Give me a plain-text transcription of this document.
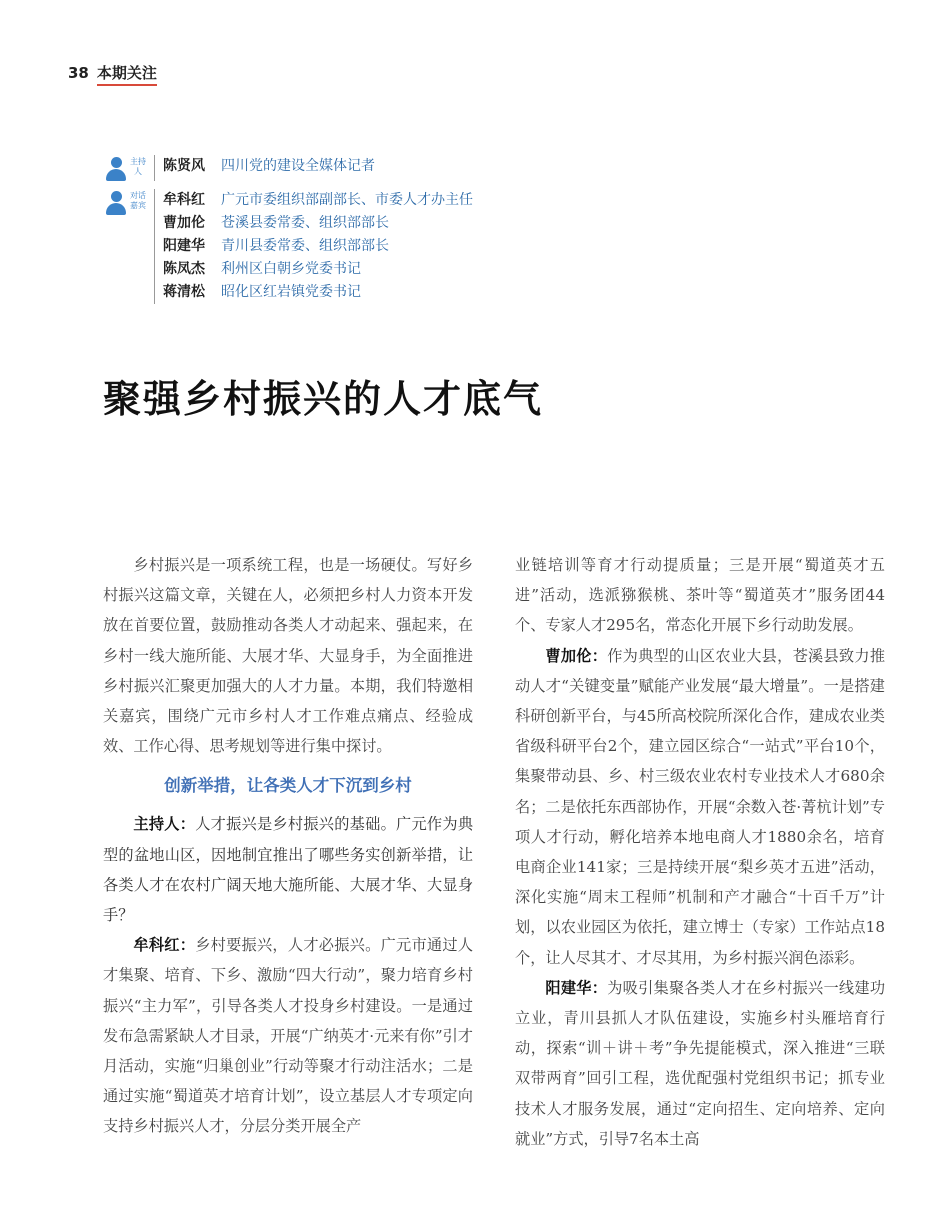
38 本期关注
主持人	陈贤风	四川党的建设全媒体记者
对话嘉宾 牟科红	广元市委组织部副部长、市委人才办主任
曹加伦	苍溪县委常委、组织部部长
阳建华	青川县委常委、组织部部长
陈凤杰	利州区白朝乡党委书记
蒋清松	昭化区红岩镇党委书记
聚强乡村振兴的人才底气

乡村振兴是一项系统工程，也是一场硬仗。写好乡村振兴这篇文章，关键在人，必须把乡村人力资本开发放在首要位置，鼓励推动各类人才动起来、强起来，在乡村一线大施所能、大展才华、大显身手，为全面推进乡村振兴汇聚更加强大的人才力量。本期，我们特邀相关嘉宾，围绕广元市乡村人才工作难点痛点、经验成效、工作心得、思考规划等进行集中探讨。

创新举措，让各类人才下沉到乡村

主持人：人才振兴是乡村振兴的基础。广元作为典型的盆地山区，因地制宜推出了哪些务实创新举措，让各类人才在农村广阔天地大施所能、大展才华、大显身手？

牟科红：乡村要振兴，人才必振兴。广元市通过人才集聚、培育、下乡、激励“四大行动”，聚力培育乡村振兴“主力军”，引导各类人才投身乡村建设。一是通过发布急需紧缺人才目录，开展“广纳英才·元来有你”引才月活动，实施“归巢创业”行动等聚才行动注活水；二是通过实施“蜀道英才培育计划”，设立基层人才专项定向支持乡村振兴人才，分层分类开展全产

业链培训等育才行动提质量；三是开展“蜀道英才五进”活动，选派猕猴桃、茶叶等“蜀道英才”服务团44个、专家人才295名，常态化开展下乡行动助发展。

曹加伦：作为典型的山区农业大县，苍溪县致力推动人才“关键变量”赋能产业发展“最大增量”。一是搭建科研创新平台，与45所高校院所深化合作，建成农业类省级科研平台2个，建立园区综合“一站式”平台10个，集聚带动县、乡、村三级农业农村专业技术人才680余名；二是依托东西部协作，开展“余数入苍·菁杭计划”专项人才行动，孵化培养本地电商人才1880余名，培育电商企业141家；三是持续开展“梨乡英才五进”活动，深化实施“周末工程师”机制和产才融合“十百千万”计划，以农业园区为依托，建立博士（专家）工作站点18个，让人尽其才、才尽其用，为乡村振兴润色添彩。

阳建华：为吸引集聚各类人才在乡村振兴一线建功立业，青川县抓人才队伍建设，实施乡村头雁培育行动，探索“训＋讲＋考”争先提能模式，深入推进“三联双带两育”回引工程，选优配强村党组织书记；抓专业技术人才服务发展，通过“定向招生、定向培养、定向就业”方式，引导7名本土高
